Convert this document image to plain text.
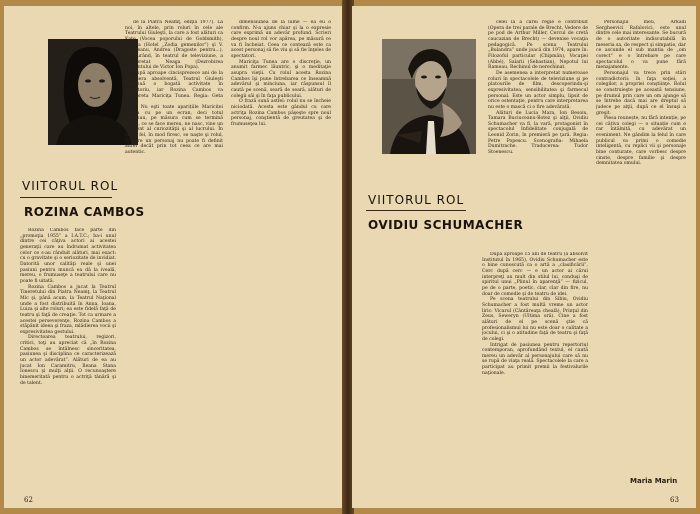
VIITORUL ROL
ROZINA CAMBOS

Rozina Cambos face parte din „promoţia 1955” a I.A.T.C.; ba-i unul dintre cei câţiva actori ai acestei generaţii care au îndrumat activitatea celor ce s-au rânduit alături, mai exact: cu o gravitate şi o seriozitate de invidiat. Datorită unor calităţi reale şi unei pasiuni pentru muncă ea dă la iveală, mereu, o frumuseţe a teatrului care nu poate fi uitată.

Rozina Cambos a jucat la Teatrul Tineretului din Piatra Neamţ, la Teatrul Mic şi, până acum, la Teatrul Naţional unde a fost distribuită în Anna, Ioana, Luiza şi alte roluri; ea este fidelă faţă de teatru şi faţă de creaţie. Tot ca urmare a acestei perseverenţe, Rozina Cambos a stăpânit ideea şi fraza, mlădierea vocii şi expresivitatea gestului.

Directoarea teatrului, regizori, critici, toţi au apreciat că „în Rozina Cambos se întâlnesc sinceritatea, pasiunea şi disciplina ce caracterizează un actor adevărat”. Alături de ea au jucat Ion Caramitru, Ileana Stana Ionescu şi mulţi alţii. O recunoaştere binemeritată pentru o actriţă tânără şi de talent.

de la Piatra Neamţ, ediţia 1977). La noi, în altele, prin roluri în cele ale Teatrului Giuleşti, la care a fost alături ca Kate (Vocea poporului de Goldsmith), Olguţa (Hotel „Zodia gemenilor”) şi V. Munteanu, Andrea (Dragoste pentru...). De curând, în teatrul de televiziune, a interpretat Neaga (Dezrobirea pământului de Victor Ion Popa).

După aproape cincisprezece ani de la premiera absolventă, Teatrul Giuleşti continuă o bogată activitate în repertoriu, iar Rozina Cambos va interpreta Mariciţa Tunea. Regia: Geta Vlad.

— Nu eşti toate aparițiile Mariciței Tunea cu pe un ecran, deci totul continuu, pe măsura cum se termină textul, ce se face mereu, ne nasc, vine un moment al curiozităţii şi al lucrului. În acest fel, în mod firesc, se naşte şi rolul, în care un personaj nu poate fi definit altfel decât prin tot ceea ce are mai autentic.

dimensiunea de la lume — ea eu o confirm. N-a ajuns chiar şi la o expresie care exprimă un adevăr profund. Scrieri despre noul rol vor apărea, pe măsură ce va fi încheiat. Ceea ce contează este ca acest personaj să fie viu şi să fie înţeles de spectatori.

Mariciţa Tunea are o discreţie, un anumit farmec lăuntric, şi o meditaţie asupra vieţii. Cu rolul acesta Rozina Cambos îşi pune întrebarea ce înseamnă adevărul şi minciuna, iar răspunsul îl caută pe scenă, seară de seară, alături de colegii săi şi în faţa publicului.

O frază sună astfel: rolul nu se încheie niciodată. Acesta este gândul cu care actriţa Rozina Cambos păşeşte spre noul personaj, conştientă de greutatea şi de frumuseţea lui.

62
VIITORUL ROL
OVIDIU SCHUMACHER

celei la a cărei regie e contribuit (Opera de trei parale de Brecht, Vedere de pe pod de Arthur Miller, Cercul de cretă caucazian de Brecht) — devenise vocaţia pedagogică. Pe scena Teatrului „Bulandra” unde joacă din 1974, apare în: Filozoful particular (Chipmăn), Vocaţiei (Abbé), Salarii (Sebastian), Nepotul lui Rameau, Rechinul de nerechinat.

De asemenea a interpretat numeroase roluri în spectacolele de televiziune şi pe platourile de film, descoperindu-şi expresivitatea, sensibilitatea şi farmecul personal. Este un actor simplu, lipsit de orice ostentaţie, pentru care interpretarea nu este o mască ci o fire adevărată.

Alături de Lucia Mara, Ion Besoiu, Tamara Buciuceanu-Botez şi alţii, Ovidiu Schumacher va fi, la vară, protagonist în spectacolul Infidelitate conjugală de Leonid Zorin, în premieră pe ţară. Regia: Petre Popescu. Scenografia: Mihaela Dumitrache. Traducerea: Tudor Stoenescu.

După aproape 15 ani de teatru (a absolvit Institutul în 1965), Ovidiu Schumacher este o bine cunoscută ca o artă a „clasificării”. Cerc după cerc — e un actor ai cărui interpreţi au mult din stilul lui, conduşi de spiritul unui „Plinul în aparenţă” — fizicul, pe de o parte, poetic, clar, clar din fire, nu doar de comedie şi de teatru de idei.

Pe scena teatrului din Sibiu, Ovidiu Schumacher a fost multă vreme un actor liric: Vicarul (Cântăreaţa cheală), Prinţul din Zeus, Seweryn (Ultima oră). Cine a fost alături de el pe scenă ştie că profesionalismul lui nu este doar o calitate a jocului, ci şi o atitudine faţă de teatru şi faţă de colegi.

Intrigat de pasiunea pentru repertoriul contemporan, aprofundând textul, el caută mereu un adevăr al personajului care să nu se rupă de viaţa reală. Spectacolele la care a participat au primit premii la festivalurile naţionale.

Personajul meu, Arkadi Sergheevici Rafalovici, este unul dintre cele mai interesante. Se bucură de o autoritate indiscutabilă în meseria sa, de respect şi simpatie, dar ce ascunde el sub mantia de „om corect” e o întrebare pe care spectacolul o va pune fără menajamente.

Personajul va trece prin stări contradictorii: în faţa soţiei, a colegilor, a propriei conştiinţe. Rolul se construieşte pe această tensiune, pe drumul prin care un om ajunge să se întrebe dacă mai are dreptul să judece pe alţii, după ce el însuşi a greşit.

Piesa reunește, nu fără intenție, pe cei câțiva colegi — o situație cum e rar întâlnită, cu adevărat un eveniment. Ne gândim la felul în care publicul va primi o comedie inteligentă, cu replici vii şi personaje bine conturate, care vorbesc despre cinste, despre familie şi despre demnitatea omului.

Maria Marin
63
